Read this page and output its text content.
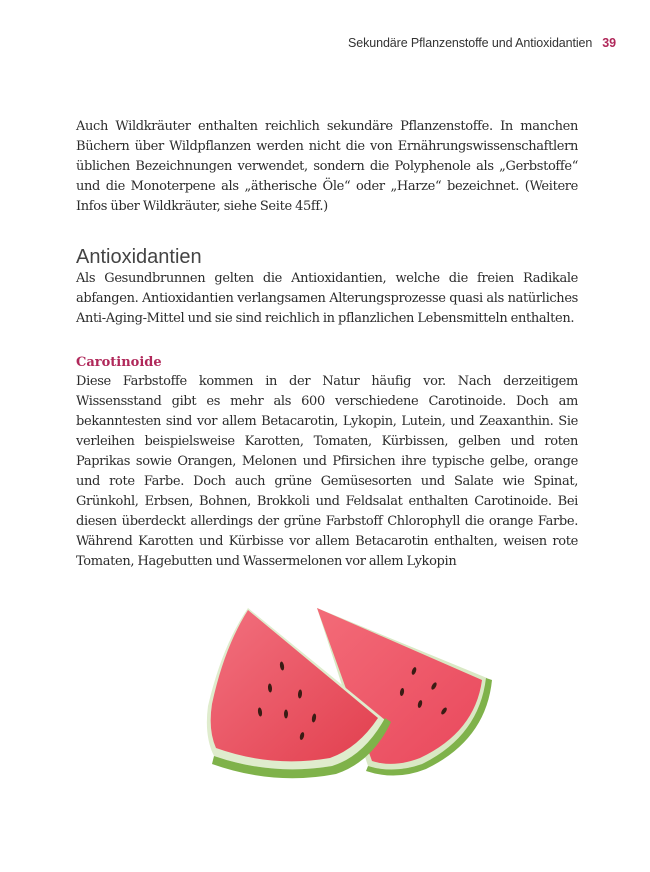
Sekundäre Pflanzenstoffe und Antioxidantien 39

Auch Wildkräuter enthalten reichlich sekundäre Pflanzenstoffe. In manchen Büchern über Wildpflanzen werden nicht die von Ernährungswissenschaftlern üblichen Bezeichnungen verwendet, sondern die Polyphenole als „Gerbstoffe“ und die Monoterpene als „ätherische Öle“ oder „Harze“ bezeichnet. (Weitere Infos über Wildkräuter, siehe Seite 45ff.)

Antioxidantien

Als Gesundbrunnen gelten die Antioxidantien, welche die freien Radikale abfangen. Antioxidantien verlangsamen Alterungsprozesse quasi als natürliches Anti-Aging-Mittel und sie sind reichlich in pflanzlichen Lebensmitteln enthalten.

Carotinoide

Diese Farbstoffe kommen in der Natur häufig vor. Nach derzeitigem Wissensstand gibt es mehr als 600 verschiedene Carotinoide. Doch am bekanntesten sind vor allem Betacarotin, Lykopin, Lutein, und Zeaxanthin. Sie verleihen beispielsweise Karotten, Tomaten, Kürbissen, gelben und roten Paprikas sowie Orangen, Melonen und Pfirsichen ihre typische gelbe, orange und rote Farbe. Doch auch grüne Gemüsesorten und Salate wie Spinat, Grünkohl, Erbsen, Bohnen, Brokkoli und Feldsalat enthalten Carotinoide. Bei diesen überdeckt allerdings der grüne Farbstoff Chlorophyll die orange Farbe. Während Karotten und Kürbisse vor allem Betacarotin enthalten, weisen rote Tomaten, Hagebutten und Wassermelonen vor allem Lykopin
